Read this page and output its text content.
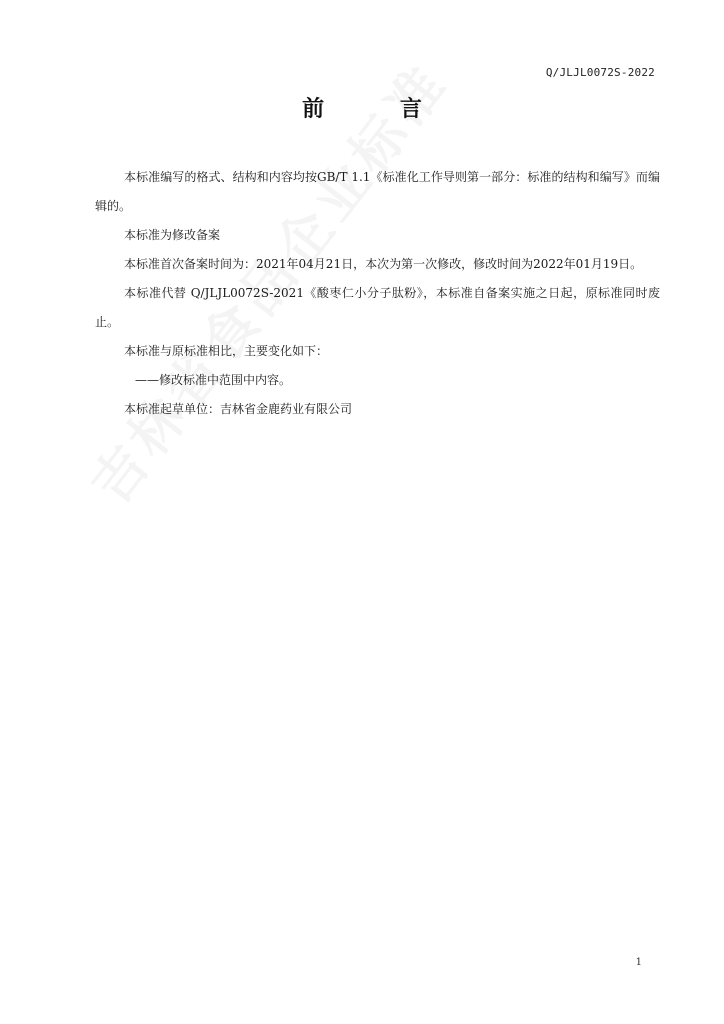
Q/JLJL0072S-2022
前 言

本标准编写的格式、结构和内容均按GB/T 1.1《标准化工作导则第一部分：标准的结构和编写》而编辑的。

本标准为修改备案

本标准首次备案时间为：2021年04月21日，本次为第一次修改，修改时间为2022年01月19日。

本标准代替 Q/JLJL0072S-2021《酸枣仁小分子肽粉》，本标准自备案实施之日起，原标准同时废止。

本标准与原标准相比，主要变化如下：

——修改标准中范围中内容。

本标准起草单位：吉林省金鹿药业有限公司

1
